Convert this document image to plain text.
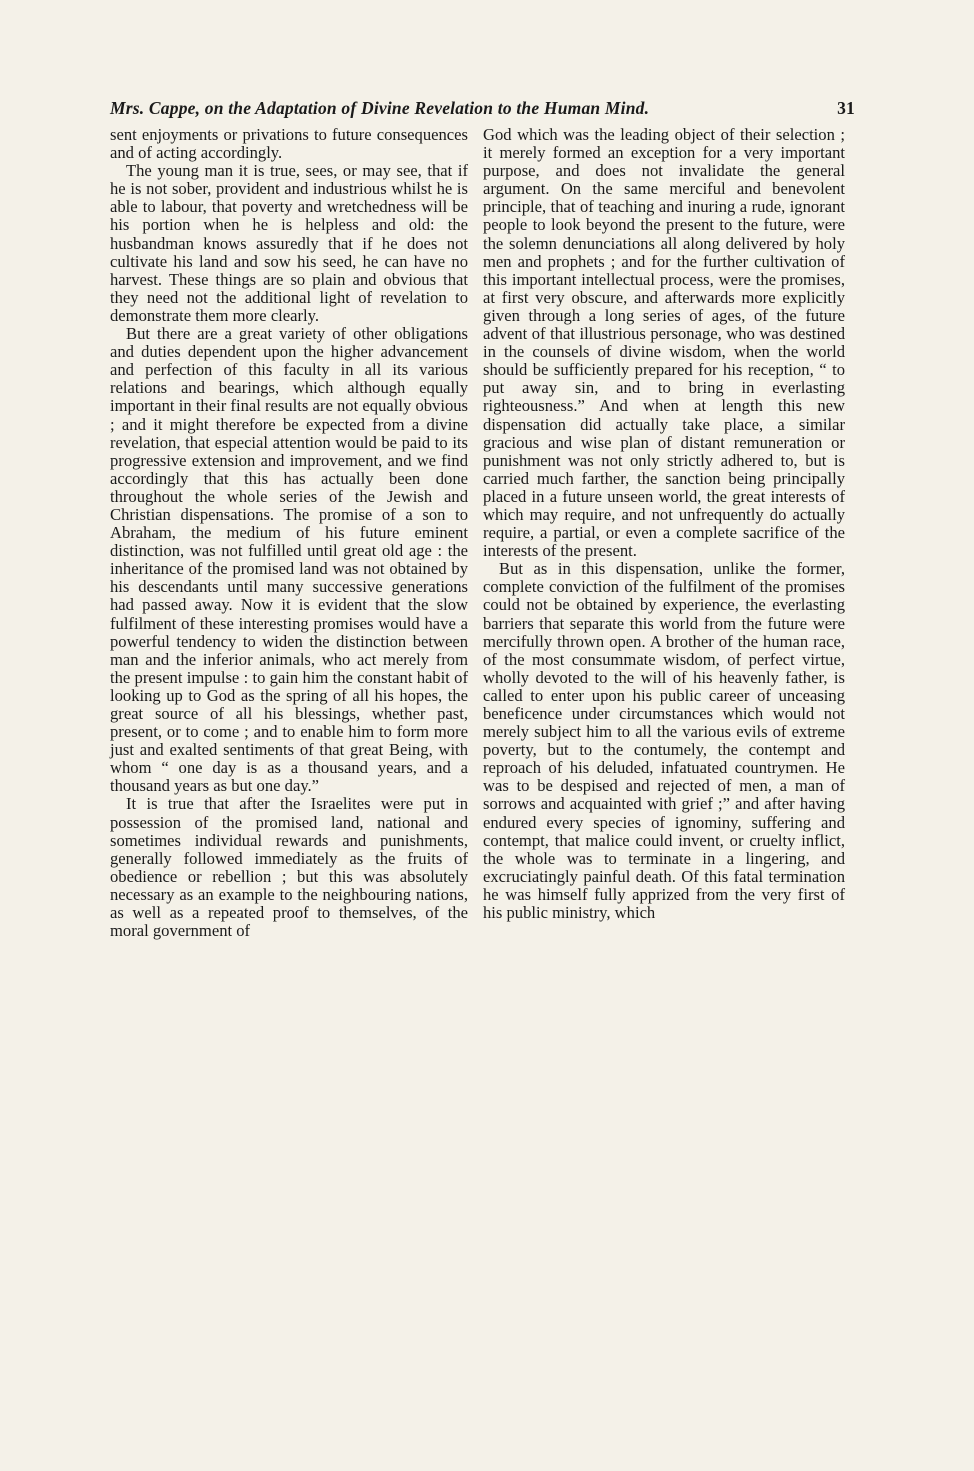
Mrs. Cappe, on the Adaptation of Divine Revelation to the Human Mind.	31

sent enjoyments or privations to future consequences and of acting accordingly.

The young man it is true, sees, or may see, that if he is not sober, provident and industrious whilst he is able to labour, that poverty and wretchedness will be his portion when he is helpless and old: the husbandman knows assuredly that if he does not cultivate his land and sow his seed, he can have no harvest. These things are so plain and obvious that they need not the additional light of revelation to demonstrate them more clearly.

But there are a great variety of other obligations and duties dependent upon the higher advancement and perfection of this faculty in all its various relations and bearings, which although equally important in their final results are not equally obvious ; and it might therefore be expected from a divine revelation, that especial attention would be paid to its progressive extension and improvement, and we find accordingly that this has actually been done throughout the whole series of the Jewish and Christian dispensations. The promise of a son to Abraham, the medium of his future eminent distinction, was not fulfilled until great old age : the inheritance of the promised land was not obtained by his descendants until many successive generations had passed away. Now it is evident that the slow fulfilment of these interesting promises would have a powerful tendency to widen the distinction between man and the inferior animals, who act merely from the present impulse : to gain him the constant habit of looking up to God as the spring of all his hopes, the great source of all his blessings, whether past, present, or to come ; and to enable him to form more just and exalted sentiments of that great Being, with whom “ one day is as a thousand years, and a thousand years as but one day.”

It is true that after the Israelites were put in possession of the promised land, national and sometimes individual rewards and punishments, generally followed immediately as the fruits of obedience or rebellion ; but this was absolutely necessary as an example to the neighbouring nations, as well as a repeated proof to themselves, of the moral government of

God which was the leading object of their selection ; it merely formed an exception for a very important purpose, and does not invalidate the general argument. On the same merciful and benevolent principle, that of teaching and inuring a rude, ignorant people to look beyond the present to the future, were the solemn denunciations all along delivered by holy men and prophets ; and for the further cultivation of this important intellectual process, were the promises, at first very obscure, and afterwards more explicitly given through a long series of ages, of the future advent of that illustrious personage, who was destined in the counsels of divine wisdom, when the world should be sufficiently prepared for his reception, “ to put away sin, and to bring in everlasting righteousness.” And when at length this new dispensation did actually take place, a similar gracious and wise plan of distant remuneration or punishment was not only strictly adhered to, but is carried much farther, the sanction being principally placed in a future unseen world, the great interests of which may require, and not unfrequently do actually require, a partial, or even a complete sacrifice of the interests of the present.

But as in this dispensation, unlike the former, complete conviction of the fulfilment of the promises could not be obtained by experience, the everlasting barriers that separate this world from the future were mercifully thrown open. A brother of the human race, of the most consummate wisdom, of perfect virtue, wholly devoted to the will of his heavenly father, is called to enter upon his public career of unceasing beneficence under circumstances which would not merely subject him to all the various evils of extreme poverty, but to the contumely, the contempt and reproach of his deluded, infatuated countrymen. He was to be despised and rejected of men, a man of sorrows and acquainted with grief ;” and after having endured every species of ignominy, suffering and contempt, that malice could invent, or cruelty inflict, the whole was to terminate in a lingering, and excruciatingly painful death. Of this fatal termination he was himself fully apprized from the very first of his public ministry, which
